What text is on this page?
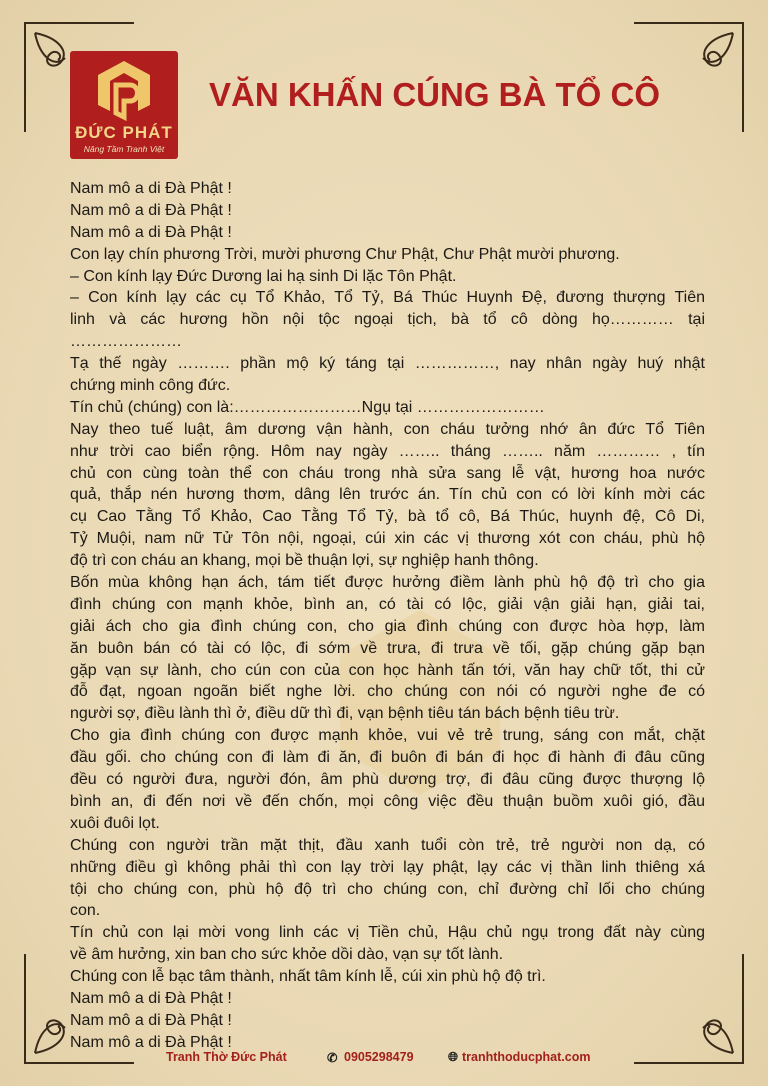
ĐỨC PHÁT
Nâng Tầm Tranh Việt
VĂN KHẤN CÚNG BÀ TỔ CÔ
Nam mô a di Đà Phật !
Nam mô a di Đà Phật !
Nam mô a di Đà Phật !
Con lạy chín phương Trời, mười phương Chư Phật, Chư Phật mười phương.
– Con kính lạy Đức Dương lai hạ sinh Di lặc Tôn Phật.
– Con kính lạy các cụ Tổ Khảo, Tổ Tỷ, Bá Thúc Huynh Đệ, đương thượng Tiên
linh và các hương hồn nội tộc ngoại tịch, bà tổ cô dòng họ………… tại
…………………
Tạ thế ngày ………. phần mộ ký táng tại ……………, nay nhân ngày huý nhật
chứng minh công đức.
Tín chủ (chúng) con là:……………………Ngụ tại ……………………
Nay theo tuế luật, âm dương vận hành, con cháu tưởng nhớ ân đức Tổ Tiên
như trời cao biển rộng. Hôm nay ngày …….. tháng …….. năm ………… , tín
chủ con cùng toàn thể con cháu trong nhà sửa sang lễ vật, hương hoa nước
quả, thắp nén hương thơm, dâng lên trước án. Tín chủ con có lời kính mời các
cụ Cao Tằng Tổ Khảo, Cao Tằng Tổ Tỷ, bà tổ cô, Bá Thúc, huynh đệ, Cô Di,
Tỷ Muội, nam nữ Tử Tôn nội, ngoại, cúi xin các vị thương xót con cháu, phù hộ
độ trì con cháu an khang, mọi bề thuận lợi, sự nghiệp hanh thông.
Bốn mùa không hạn ách, tám tiết được hưởng điềm lành phù hộ độ trì cho gia
đình chúng con mạnh khỏe, bình an, có tài có lộc, giải vận giải hạn, giải tai,
giải ách cho gia đình chúng con, cho gia đình chúng con được hòa hợp, làm
ăn buôn bán có tài có lộc, đi sớm về trưa, đi trưa về tối, gặp chúng gặp bạn
gặp vạn sự lành, cho cún con của con học hành tấn tới, văn hay chữ tốt, thi cử
đỗ đạt, ngoan ngoãn biết nghe lời. cho chúng con nói có người nghe đe có
người sợ, điều lành thì ở, điều dữ thì đi, vạn bệnh tiêu tán bách bệnh tiêu trừ.
Cho gia đình chúng con được mạnh khỏe, vui vẻ trẻ trung, sáng con mắt, chặt
đầu gối. cho chúng con đi làm đi ăn, đi buôn đi bán đi học đi hành đi đâu cũng
đều có người đưa, người đón, âm phù dương trợ, đi đâu cũng được thượng lộ
bình an, đi đến nơi về đến chốn, mọi công việc đều thuận buồm xuôi gió, đầu
xuôi đuôi lọt.
Chúng con người trần mặt thịt, đầu xanh tuổi còn trẻ, trẻ người non dạ, có
những điều gì không phải thì con lạy trời lạy phật, lạy các vị thần linh thiêng xá
tội cho chúng con, phù hộ độ trì cho chúng con, chỉ đường chỉ lối cho chúng
con.
Tín chủ con lại mời vong linh các vị Tiền chủ, Hậu chủ ngụ trong đất này cùng
về âm hưởng, xin ban cho sức khỏe dồi dào, vạn sự tốt lành.
Chúng con lễ bạc tâm thành, nhất tâm kính lễ, cúi xin phù hộ độ trì.
Nam mô a di Đà Phật !
Nam mô a di Đà Phật !
Nam mô a di Đà Phật !
Tranh Thờ Đức Phát	✆ 0905298479	🌐︎ tranhthoducphat.com
